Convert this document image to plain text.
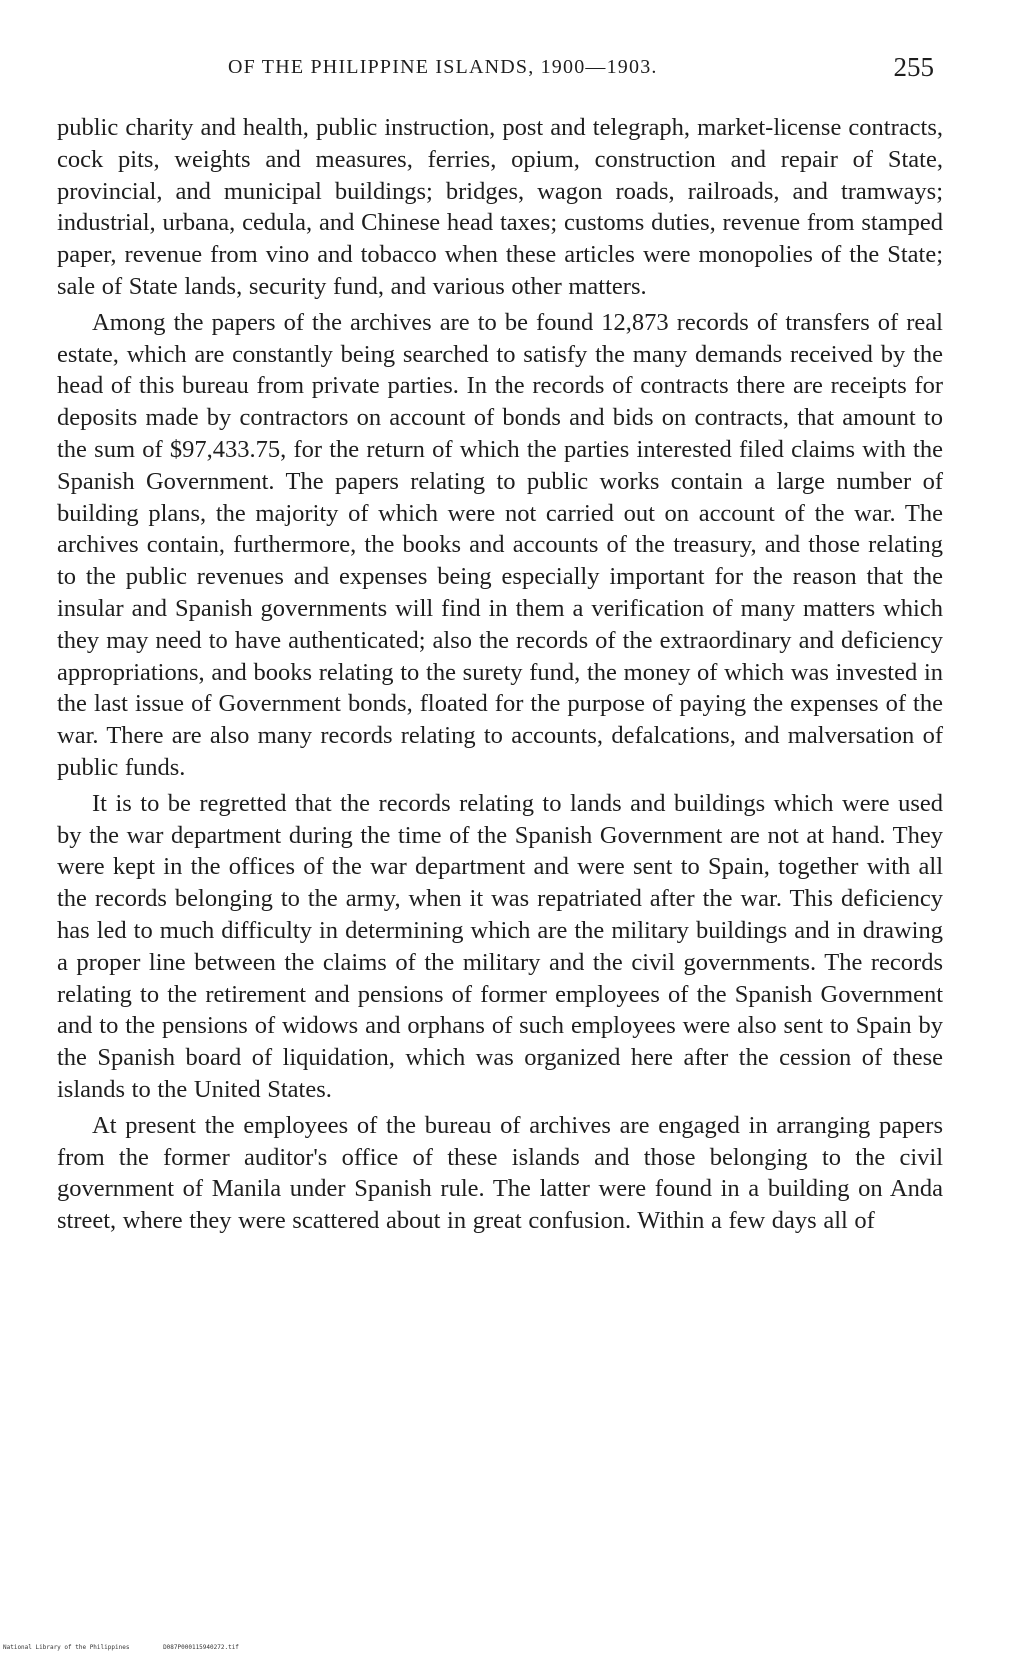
OF THE PHILIPPINE ISLANDS, 1900—1903.	255

public charity and health, public instruction, post and telegraph, market-license contracts, cock pits, weights and measures, ferries, opium, construction and repair of State, provincial, and municipal buildings; bridges, wagon roads, railroads, and tramways; industrial, urbana, cedula, and Chinese head taxes; customs duties, revenue from stamped paper, revenue from vino and tobacco when these articles were monopolies of the State; sale of State lands, security fund, and various other matters.

Among the papers of the archives are to be found 12,873 records of transfers of real estate, which are constantly being searched to satisfy the many demands received by the head of this bureau from private parties. In the records of contracts there are receipts for deposits made by contractors on account of bonds and bids on contracts, that amount to the sum of $97,433.75, for the return of which the parties interested filed claims with the Spanish Government. The papers relating to public works contain a large number of building plans, the majority of which were not carried out on account of the war. The archives contain, furthermore, the books and accounts of the treasury, and those relating to the public revenues and expenses being especially important for the reason that the insular and Spanish governments will find in them a verification of many matters which they may need to have authenticated; also the records of the extraordinary and deficiency appropriations, and books relating to the surety fund, the money of which was invested in the last issue of Government bonds, floated for the purpose of paying the expenses of the war. There are also many records relating to accounts, defalcations, and malversation of public funds.

It is to be regretted that the records relating to lands and buildings which were used by the war department during the time of the Spanish Government are not at hand. They were kept in the offices of the war department and were sent to Spain, together with all the records belonging to the army, when it was repatriated after the war. This deficiency has led to much difficulty in determining which are the military buildings and in drawing a proper line between the claims of the military and the civil governments. The records relating to the retirement and pensions of former employees of the Spanish Government and to the pensions of widows and orphans of such employees were also sent to Spain by the Spanish board of liquidation, which was organized here after the cession of these islands to the United States.

At present the employees of the bureau of archives are engaged in arranging papers from the former auditor's office of these islands and those belonging to the civil government of Manila under Spanish rule. The latter were found in a building on Anda street, where they were scattered about in great confusion. Within a few days all of

National Library of the Philippines	D087P000115940272.tif
